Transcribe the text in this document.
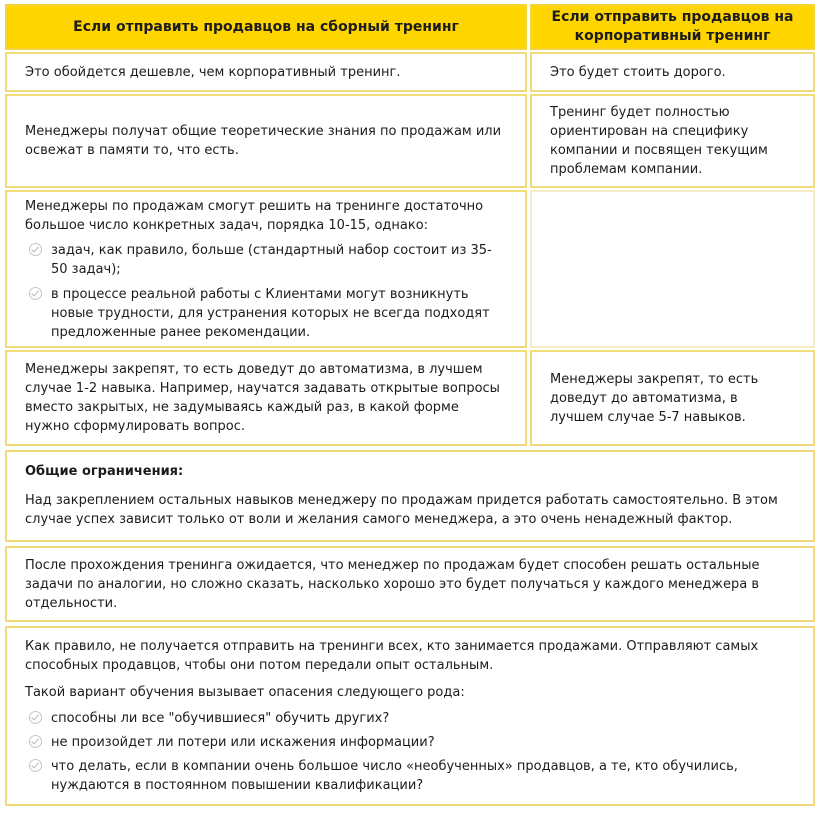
Если отправить продавцов на сборный тренинг
Если отправить продавцов на
корпоративный тренинг

Это обойдется дешевле, чем корпоративный тренинг.	Это будет стоить дорого.

Менеджеры получат общие теоретические знания по продажам или освежат в памяти то, что есть.

Тренинг будет полностью ориентирован на специфику компании и посвящен текущим проблемам компании.

Менеджеры по продажам смогут решить на тренинге достаточно большое число конкретных задач, порядка 10-15, однако:

задач, как правило, больше (стандартный набор состоит из 35-50 задач);
в процессе реальной работы с Клиентами могут возникнуть новые трудности, для устранения которых не всегда подходят предложенные ранее рекомендации.

Менеджеры закрепят, то есть доведут до автоматизма, в лучшем случае 1-2 навыка. Например, научатся задавать открытые вопросы вместо закрытых, не задумываясь каждый раз, в какой форме нужно сформулировать вопрос.

Менеджеры закрепят, то есть доведут до автоматизма, в лучшем случае 5-7 навыков.

Общие ограничения:

Над закреплением остальных навыков менеджеру по продажам придется работать самостоятельно. В этом случае успех зависит только от воли и желания самого менеджера, а это очень ненадежный фактор.

После прохождения тренинга ожидается, что менеджер по продажам будет способен решать остальные задачи по аналогии, но сложно сказать, насколько хорошо это будет получаться у каждого менеджера в отдельности.

Как правило, не получается отправить на тренинги всех, кто занимается продажами. Отправляют самых способных продавцов, чтобы они потом передали опыт остальным.

Такой вариант обучения вызывает опасения следующего рода:

способны ли все "обучившиеся" обучить других?
не произойдет ли потери или искажения информации?
что делать, если в компании очень большое число «необученных» продавцов, а те, кто обучились, нуждаются в постоянном повышении квалификации?
